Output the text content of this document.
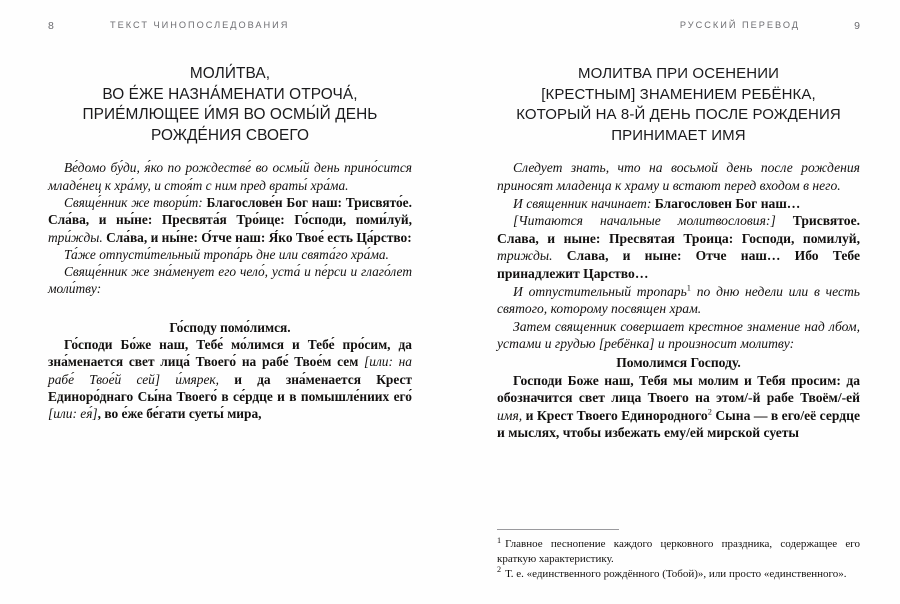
8	ТЕКСТ ЧИНОПОСЛЕДОВАНИЯ
МОЛИ́ТВА,
ВО Е́ЖЕ НАЗНА́МЕНАТИ ОТРОЧА́,
ПРИЕ́МЛЮЩЕЕ И́МЯ ВО ОСМЫ́Й ДЕНЬ
РОЖДЕ́НИЯ СВОЕГО

Ве́домо бу́ди, я́ко по рождестве́ во осмы́й день прино́сится младе́нец к хра́му, и стоя́т с ним пред враты́ хра́ма.

Свяще́нник же твори́т: Благослове́н Бог наш: Трисвято́е. Сла́ва, и ны́не: Пресвята́я Тро́ице: Го́споди, поми́луй, три́жды. Сла́ва, и ны́не: О́тче наш: Я́ко Твое́ есть Ца́рство:

Та́же отпусти́тельный тропа́рь дне или свята́го хра́ма.

Свяще́нник же зна́менует его чело́, уста́ и пе́рси и глаго́лет моли́тву:

Го́споду помо́лимся.

Го́споди Бо́же наш, Тебе́ мо́лимся и Тебе́ про́сим, да зна́менается свет лица́ Твоего́ на рабе́ Твое́м сем [или: на рабе́ Твое́й сей] и́мярек, и да зна́менается Крест Единоро́днаго Сы́на Твоего́ в се́рдце и в помышле́ниих его́ [или: ея́], во е́же бе́гати суеты́ мира,

РУССКИЙ ПЕРЕВОД	9
МОЛИТВА ПРИ ОСЕНЕНИИ
[КРЕСТНЫМ] ЗНАМЕНИЕМ РЕБЁНКА,
КОТОРЫЙ НА 8-Й ДЕНЬ ПОСЛЕ РОЖДЕНИЯ
ПРИНИМАЕТ ИМЯ

Следует знать, что на восьмой день после рождения приносят младенца к храму и встают перед входом в него.

И священник начинает: Благословен Бог наш…

[Читаются начальные молитвословия:] Трисвятое. Слава, и ныне: Пресвятая Троица: Господи, помилуй, трижды. Слава, и ныне: Отче наш… Ибо Тебе принадлежит Царство…

И отпустительный тропарь$^1$ по дню недели или в честь святого, которому посвящен храм.

Затем священник совершает крестное знамение над лбом, устами и грудью [ребёнка] и произносит молитву:

Помолимся Господу.

Господи Боже наш, Тебя мы молим и Тебя просим: да обозначится свет лица Твоего на этом/-й рабе Твоём/-ей имя, и Крест Твоего Единородного$^2$ Сына — в его/её сердце и мыслях, чтобы избежать ему/ей мирской суеты

$^1$ Главное песнопение каждого церковного праздника, содержащее его краткую характеристику.

$^2$ Т. е. «единственного рождённого (Тобой)», или просто «единственного».
